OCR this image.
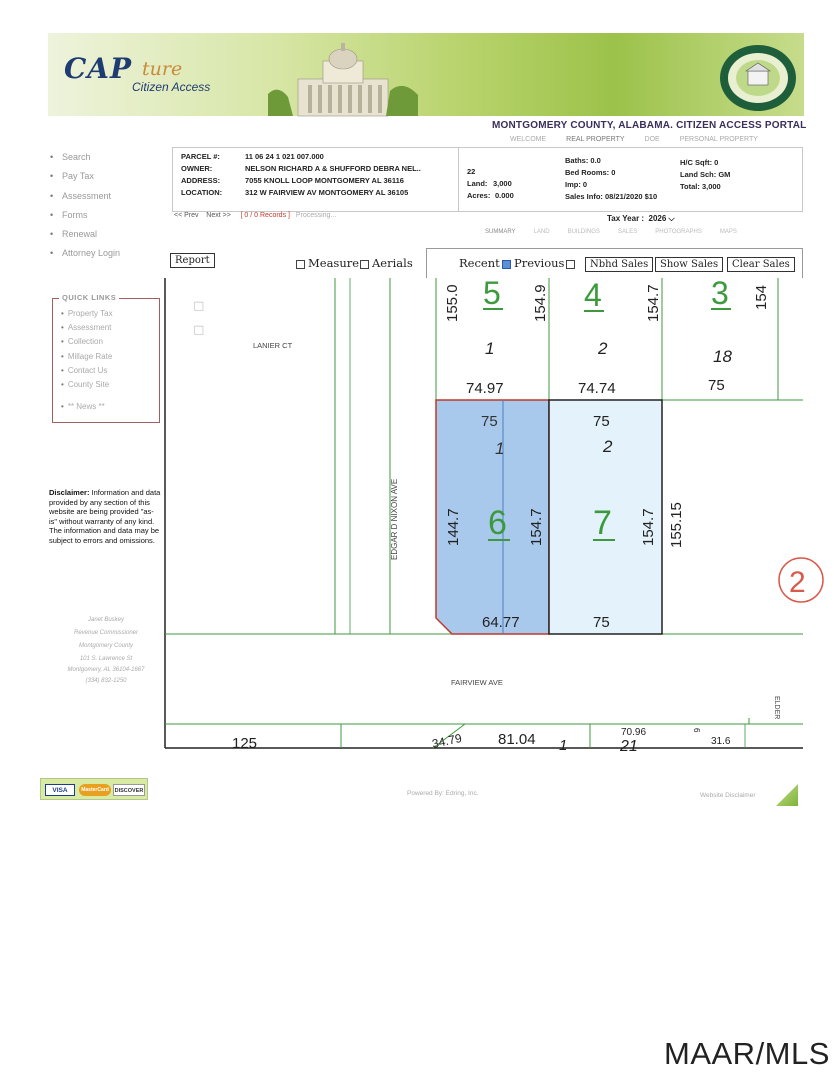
CAP ture
Citizen Access
MONTGOMERY COUNTY, ALABAMA. CITIZEN ACCESS PORTAL
WELCOME	REAL PROPERTY	DOE	PERSONAL PROPERTY
• Search
• Pay Tax
• Assessment
• Forms
• Renewal
• Attorney Login
QUICK LINKS
• Property Tax
• Assessment
• Collection
• Millage Rate
• Contact Us
• County Site
• ** News **
PARCEL #:	11 06 24 1 021 007.000
OWNER:	NELSON RICHARD A & SHUFFORD DEBRA NEL..
ADDRESS:	7055 KNOLL LOOP MONTGOMERY AL 36116
LOCATION:	312 W FAIRVIEW AV MONTGOMERY AL 36105
22
Land: 3,000
Acres: 0.000
Baths: 0.0
Bed Rooms: 0
Imp: 0
Sales Info: 08/21/2020 $10
H/C Sqft: 0
Land Sch: GM
Total: 3,000
<< Prev Next >> [ 0 / 0 Records ] Processing...	Tax Year : 2026 ⌵
SUMMARY	LAND	BUILDINGS	SALES	PHOTOGRAPHS	MAPS
Report	Measure	Aerials	Recent	Previous	Nbhd Sales	Show Sales	Clear Sales
Disclaimer: Information and data provided by any section of this website are being provided "as-is" without warranty of any kind. The information and data may be subject to errors and omissions.
Janet Buskey
Revenue Commissioner
Montgomery County
101 S. Lawrence St
Montgomery, AL 36104-1667
(334) 832-1250
2
◻
◻
LANIER CT
EDGAR D NIXON AVE
FAIRVIEW AVE
ELDER
5	4	3
6	7
1	2	18
1	2
1	21
155.0	154.9	154.7	154
74.97	74.74	75
75	75
144.7	154.7	154.7 155.15
64.77	75
125	34.79 81.04	70.96
31.6
6
VISA	MasterCard	DISCOVER	Powered By: Edring, Inc.	Website Disclaimer
MAAR/MLS
